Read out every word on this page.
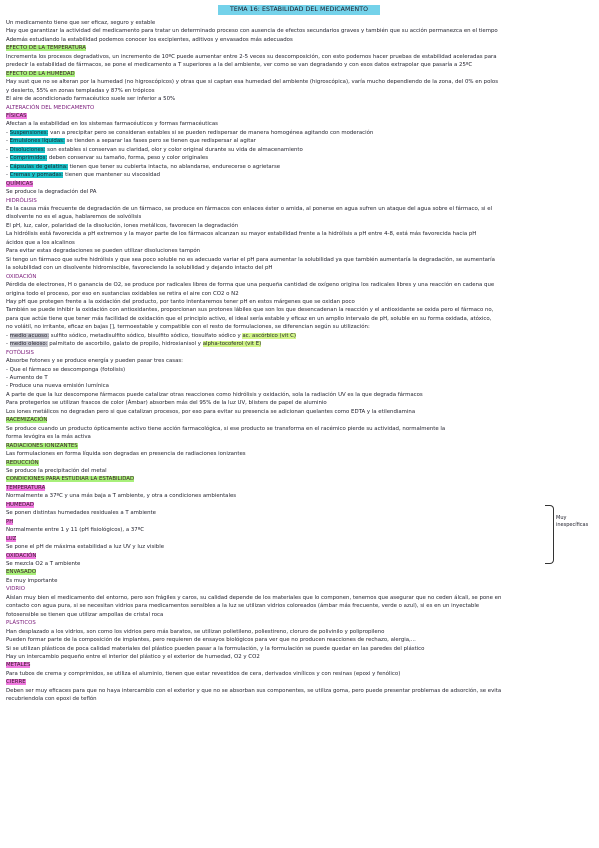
TEMA 16: ESTABILIDAD DEL MEDICAMENTO
Un medicamento tiene que ser eficaz, seguro y estable
Hay que garantizar la actividad del medicamento para tratar un determinado proceso con ausencia de efectos secundarios graves y también que su acción permanezca en el tiempo
Además estudiando la estabilidad podemos conocer los excipientes, aditivos y envasados más adecuados
EFECTO DE LA TEMPERATURA
Incrementa los procesos degradativos, un incremento de 10ºC puede aumentar entre 2-5 veces su descomposición, con esto podemos hacer pruebas de estabilidad aceleradas para
predecir la estabilidad de fármacos, se pone el medicamento a T superiores a la del ambiente, ver como se van degradando y con esos datos extrapolar que pasaría a 25ºC
EFECTO DE LA HUMEDAD
Hay sust que no se alteran por la humedad (no higroscópicos) y otras que si captan esa humedad del ambiente (higroscópica), varía mucho dependiendo de la zona, del 0% en polos
y desierto, 55% en zonas templadas y 87% en trópicos
El aire de acondicionado farmacéutico suele ser inferior a 50%
ALTERACIÓN DEL MEDICAMENTO
FÍSICAS
Afectan a la estabilidad en los sistemas farmacéuticos y formas farmacéuticas
- Suspensiones: van a precipitar pero se consideran estables si se pueden redispersar de manera homogénea agitando con moderación
- Emulsiones líquidas: se tienden a separar las fases pero se tienen que redispersar al agitar
- Disoluciones: son estables si conservan su claridad, olor y color original durante su vida de almacenamiento
- Comprimidos: deben conservar su tamaño, forma, peso y color originales
- Cápsulas de gelatina: tienen que tener su cubierta intacta, no ablandarse, endurecerse o agrietarse
- Cremas y pomadas: tienen que mantener su viscosidad
QUÍMICAS
Se produce la degradación del PA
HIDRÓLISIS
Es la causa más frecuente de degradación de un fármaco, se produce en fármacos con enlaces éster o amida, al ponerse en agua sufren un ataque del agua sobre el fármaco, si el
disolvente no es el agua, hablaremos de solvólisis
El pH, luz, calor, polaridad de la disolución, iones metálicos, favorecen la degradación
La hidrólisis está favorecida a pH extremos y la mayor parte de los fármacos alcanzan su mayor estabilidad frente a la hidrólisis a pH entre 4-8, está más favorecida hacia pH
ácidos que a los alcalinos
Para evitar estas degradaciones se pueden utilizar disoluciones tampón
Si tengo un fármaco que sufre hidrólisis y que sea poco soluble no es adecuado variar el pH para aumentar la solubilidad ya que también aumentaría la degradación, se aumentaría
la solubilidad con un disolvente hidromiscible, favoreciendo la solubilidad y dejando intacto del pH
OXIDACIÓN
Pérdida de electrones, H o ganancia de O2, se produce por radicales libres de forma que una pequeña cantidad de oxígeno origina los radicales libres y una reacción en cadena que
origina todo el proceso, por eso en sustancias oxidables se retira el aire con CO2 o N2
Hay pH que protegen frente a la oxidación del producto, por tanto intentaremos tener pH en estos márgenes que se oxidan poco
También se puede inhibir la oxidación con antioxidantes, proporcionan sus protones lábiles que son los que desencadenan la reacción y el antioxidante se oxida pero el fármaco no,
para que actúe tiene que tener más facilidad de oxidación que el principio activo, el ideal sería estable y eficaz en un amplio intervalo de pH, soluble en su forma oxidada, atóxico,
no volátil, no irritante, eficaz en bajas [], termoestable y compatible con el resto de formulaciones, se diferencian según su utilización:
- medio acuoso: sulfito sódico, metadisulfito sódico, bisulfito sódico, tiosulfato sódico y ac. ascórbico (vit C)
- medio oleoso: palmitato de ascorbilo, galato de propilo, hidroxianisol y alpha-tocoferol (vit E)
FOTÓLISIS
Absorbe fotones y se produce energía y pueden pasar tres casas:
- Que el fármaco se descomponga (fotolisis)
- Aumento de T
- Produce una nueva emisión lumínica
A parte de que la luz descompone fármacos puede catalizar otras reacciones como hidrólisis y oxidación, sola la radiación UV es la que degrada fármacos
Para protegerlos se utilizan frascos de color (Ámbar) absorben más del 95% de la luz UV, blisters de papel de aluminio
Los iones metálicos no degradan pero si que catalizan procesos, por eso para evitar su presencia se adicionan quelantes como EDTA y la etilendiamina
RACEMIZACIÓN
Se produce cuando un producto ópticamente activo tiene acción farmacológica, si ese producto se transforma en el racémico pierde su actividad, normalmente la
forma levógira es la más activa
RADIACIONES IONIZANTES
Las formulaciones en forma líquida son degradas en presencia de radiaciones ionizantes
REDUCCIÓN
Se produce la precipitación del metal
CONDICIONES PARA ESTUDIAR LA ESTABILIDAD
TEMPERATURA
Normalmente a 37ºC y una más baja a T ambiente, y otra a condiciones ambientales
HUMEDAD
Se ponen distintas humedades residuales a T ambiente
PH
Normalmente entre 1 y 11 (pH fisiológicos), a 37ºC
LUZ
Se pone el pH de máxima estabilidad a luz UV y luz visible
OXIDACIÓN
Se mezcla O2 a T ambiente
ENVASADO
Es muy importante
VIDRIO
Aíslan muy bien el medicamento del entorno, pero son frágiles y caros, su calidad depende de los materiales que lo componen, tenemos que asegurar que no ceden álcali, se pone en
contacto con agua pura, si se necesitan vidrios para medicamentos sensibles a la luz se utilizan vidrios coloreados (ámbar más frecuente, verde o azul), si es en un inyectable
fotosensible se tienen que utilizar ampollas de cristal roca
PLÁSTICOS
Han desplazado a los vidrios, son como los vidrios pero más baratos, se utilizan polietileno, poliestireno, cloruro de polivinilo y polipropileno
Pueden formar parte de la composición de implantes, pero requieren de ensayos biológicos para ver que no producen reacciones de rechazo, alergia,...
Si se utilizan plásticos de poca calidad materiales del plástico pueden pasar a la formulación, y la formulación se puede quedar en las paredes del plástico
Hay un intercambio pequeño entre el interior del plástico y el exterior de humedad, O2 y CO2
METALES
Para tubos de crema y comprimidos, se utiliza el aluminio, tienen que estar revestidos de cera, derivados vinílicos y con resinas (epoxi y fenólico)
CIERRE
Deben ser muy eficaces para que no haya intercambio con el exterior y que no se absorban sus componentes, se utiliza goma, pero puede presentar problemas de adsorción, se evita
recubriendola con epoxi de teflón
Muy
inespecíficas
